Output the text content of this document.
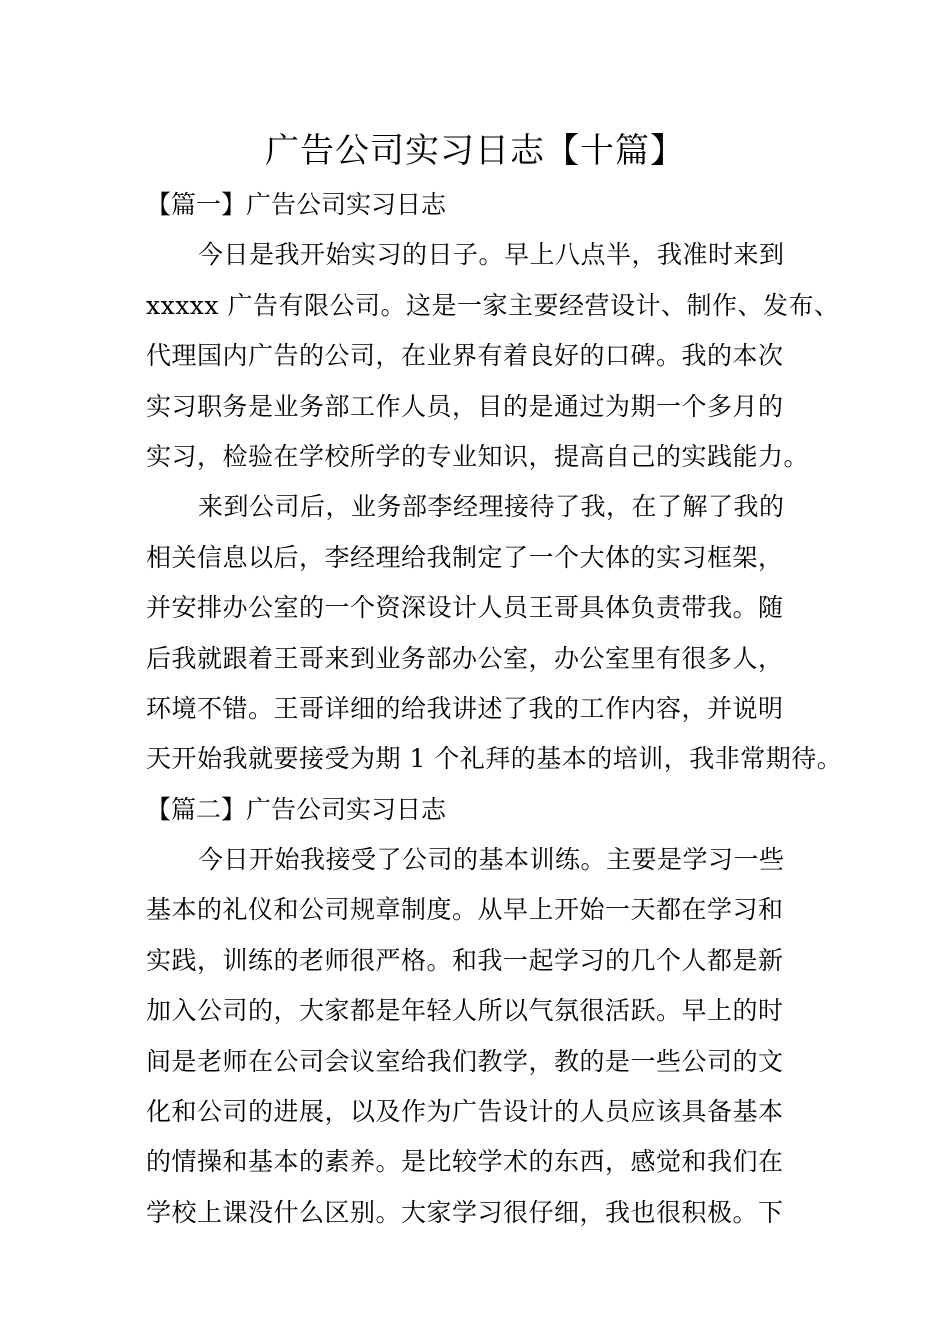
广告公司实习日志【十篇】
【篇一】广告公司实习日志
今日是我开始实习的日子。早上八点半，我准时来到
xxxxx 广告有限公司。这是一家主要经营设计、制作、发布、
代理国内广告的公司，在业界有着良好的口碑。我的本次
实习职务是业务部工作人员，目的是通过为期一个多月的
实习，检验在学校所学的专业知识，提高自己的实践能力。
来到公司后，业务部李经理接待了我，在了解了我的
相关信息以后，李经理给我制定了一个大体的实习框架，
并安排办公室的一个资深设计人员王哥具体负责带我。随
后我就跟着王哥来到业务部办公室，办公室里有很多人，
环境不错。王哥详细的给我讲述了我的工作内容，并说明
天开始我就要接受为期 1 个礼拜的基本的培训，我非常期待。
【篇二】广告公司实习日志
今日开始我接受了公司的基本训练。主要是学习一些
基本的礼仪和公司规章制度。从早上开始一天都在学习和
实践，训练的老师很严格。和我一起学习的几个人都是新
加入公司的，大家都是年轻人所以气氛很活跃。早上的时
间是老师在公司会议室给我们教学，教的是一些公司的文
化和公司的进展，以及作为广告设计的人员应该具备基本
的情操和基本的素养。是比较学术的东西，感觉和我们在
学校上课没什么区别。大家学习很仔细，我也很积极。下
